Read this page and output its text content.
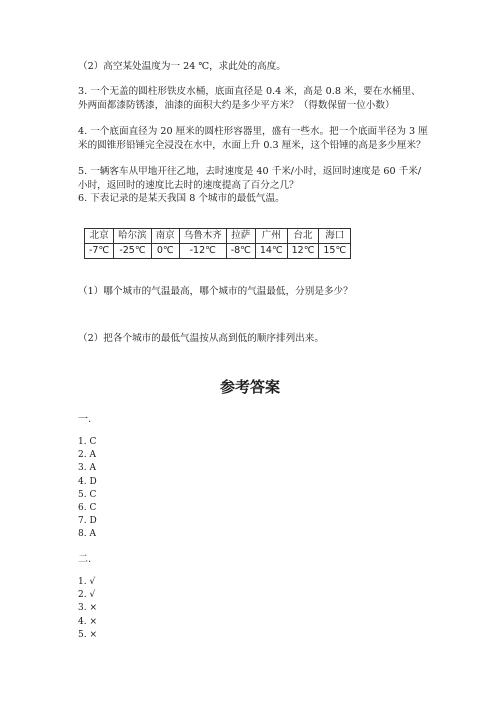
（2）高空某处温度为一 24 ℃，求此处的高度。

3. 一个无盖的圆柱形铁皮水桶，底面直径是 0.4 米，高是 0.8 米，要在水桶里、外两面都漆防锈漆，油漆的面积大约是多少平方米？（得数保留一位小数）

4. 一个底面直径为 20 厘米的圆柱形容器里，盛有一些水。把一个底面半径为 3 厘米的圆锥形铅锤完全浸没在水中，水面上升 0.3 厘米，这个铅锤的高是多少厘米？

5. 一辆客车从甲地开往乙地，去时速度是 40 千米/小时，返回时速度是 60 千米/小时，返回时的速度比去时的速度提高了百分之几？

6. 下表记录的是某天我国 8 个城市的最低气温。
北京	哈尔滨	南京	乌鲁木齐	拉萨	广州	台北	海口
-7℃	-25℃	0℃	-12℃	-8℃	14℃	12℃	15℃
（1）哪个城市的气温最高，哪个城市的气温最低，分别是多少？
（2）把各个城市的最低气温按从高到低的顺序排列出来。
参考答案
一.
1. C
2. A
3. A
4. D
5. C
6. C
7. D
8. A
二.
1. √
2. √
3. ×
4. ×
5. ×
